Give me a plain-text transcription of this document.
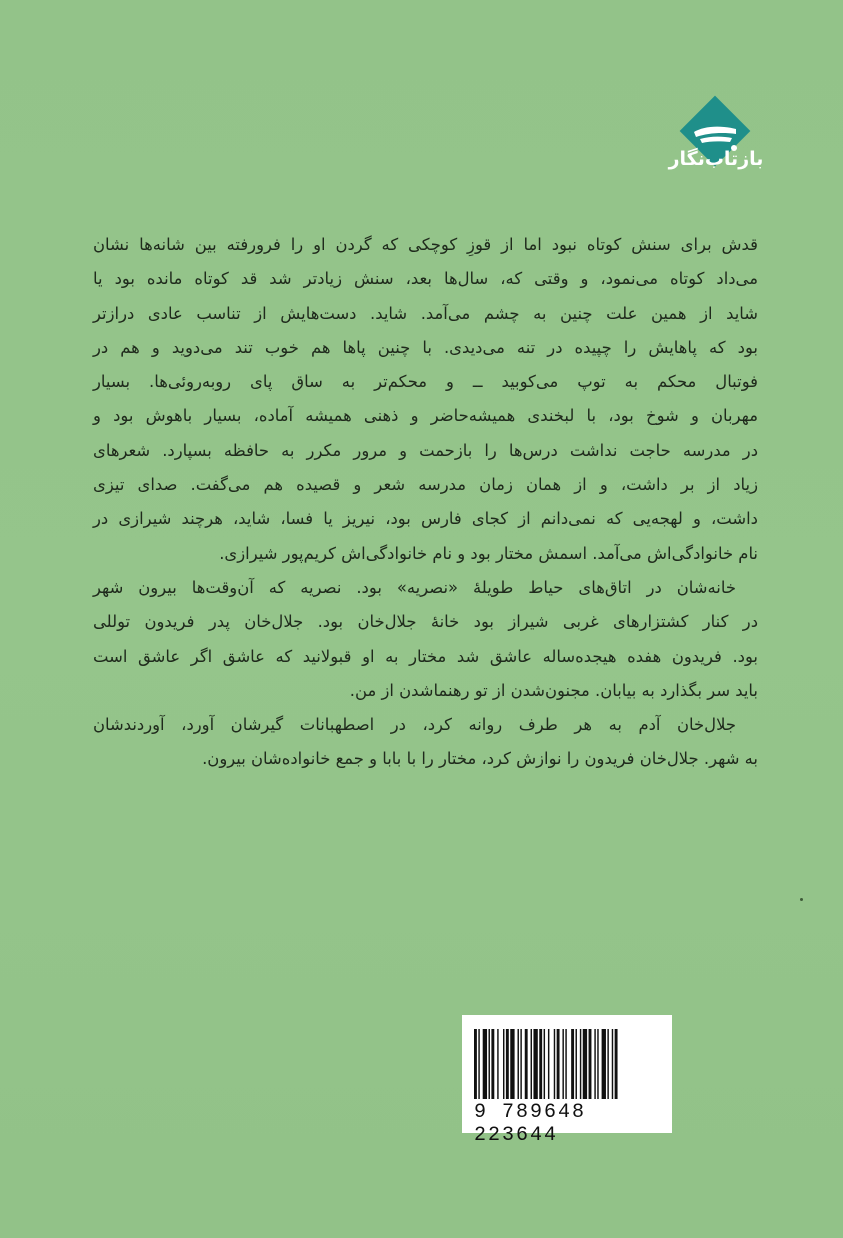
بازتاب‌نگار

قدش برای سنش کوتاه نبود اما از قوزِ کوچکی که گردن او را فرورفته بین شانه‌ها نشان
می‌داد کوتاه می‌نمود، و وقتی که، سال‌ها بعد، سنش زیادتر شد قد کوتاه مانده بود یا
شاید از همین علت چنین به چشم می‌آمد. شاید. دست‌هایش از تناسب عادی درازتر
بود که پاهایش را چپیده در تنه می‌دیدی. با چنین پاها هم خوب تند می‌دوید و هم در
فوتبال محکم به توپ می‌کوبید ــ و محکم‌تر به ساق پای روبه‌روئی‌ها. بسیار
مهربان و شوخ بود، با لبخندی همیشه‌حاضر و ذهنی همیشه آماده، بسیار باهوش بود و
در مدرسه حاجت نداشت درس‌ها را بازحمت و مرور مکرر به حافظه بسپارد. شعرهای
زیاد از بر داشت، و از همان زمان مدرسه شعر و قصیده هم می‌گفت. صدای تیزی
داشت، و لهجه‌یی که نمی‌دانم از کجای فارس بود، نیریز یا فسا، شاید، هرچند شیرازی در
نام خانوادگی‌اش می‌آمد. اسمش مختار بود و نام خانوادگی‌اش کریم‌پور شیرازی.

خانه‌شان در اتاق‌های حیاط طویلهٔ «نصریه» بود. نصریه که آن‌وقت‌ها بیرون شهر
در کنار کشتزارهای غربی شیراز بود خانهٔ جلال‌خان بود. جلال‌خان پدر فریدون توللی
بود. فریدون هفده هیجده‌ساله عاشق شد مختار به او قبولانید که عاشق اگر عاشق است
باید سر بگذارد به بیابان. مجنون‌شدن از تو رهنماشدن از من.

جلال‌خان آدم به هر طرف روانه کرد، در اصطهبانات گیرشان آورد، آوردندشان
به شهر. جلال‌خان فریدون را نوازش کرد، مختار را با بابا و جمع خانواده‌شان بیرون.

9 789648 223644
